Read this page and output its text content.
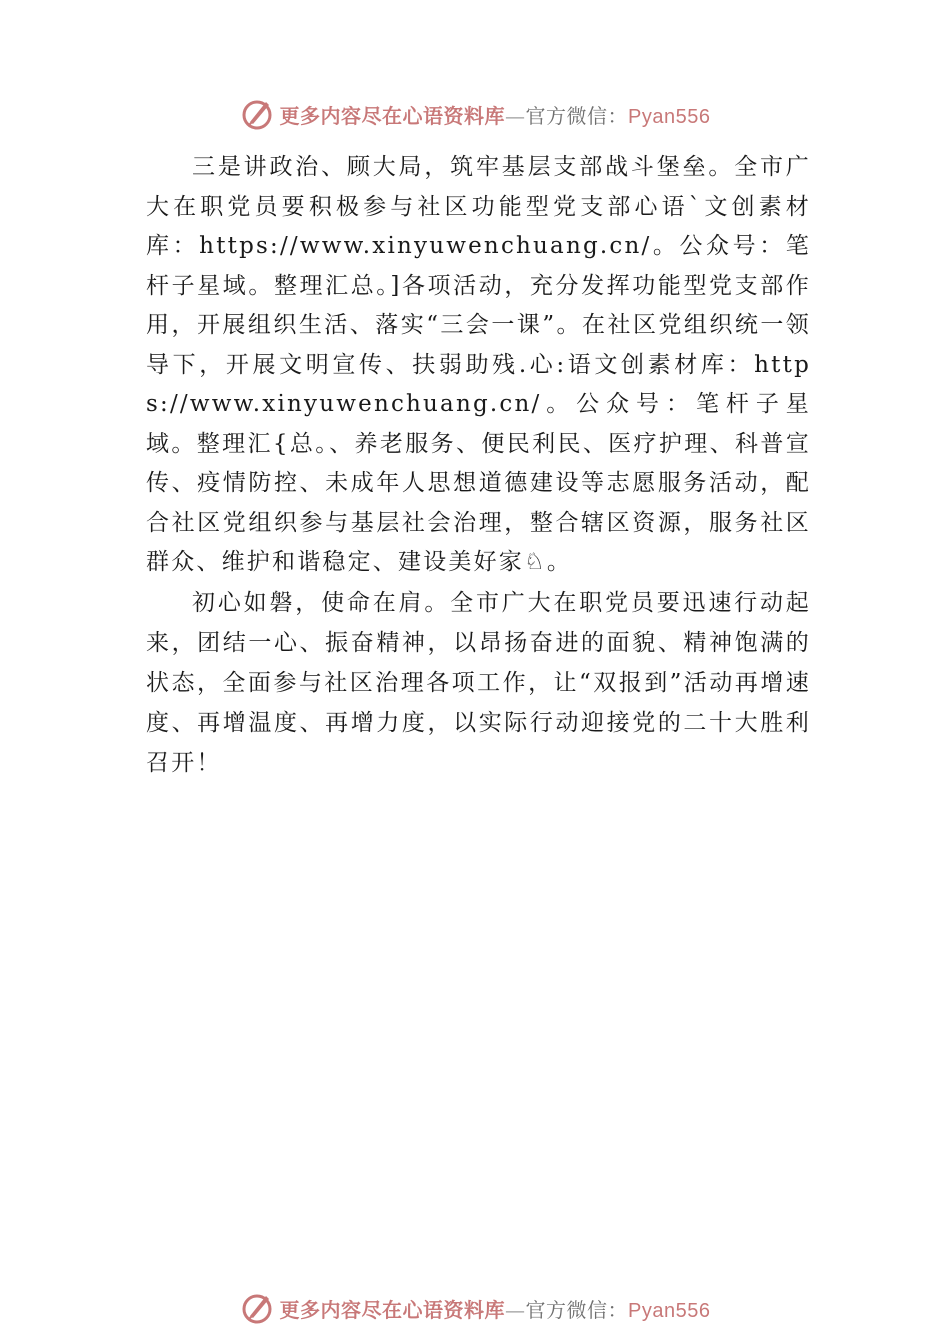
更多内容尽在心语资料库—官方微信：Pyan556

三是讲政治、顾大局，筑牢基层支部战斗堡垒。全市广大在职党员要积极参与社区功能型党支部心语`文创素材库：https://www.xinyuwenchuang.cn/。公众号：笔杆子星域。整理汇总。]各项活动，充分发挥功能型党支部作用，开展组织生活、落实“三会一课”。在社区党组织统一领导下，开展文明宣传、扶弱助残.心:语文创素材库：https://www.xinyuwenchuang.cn/。公众号：笔杆子星域。整理汇{总。、养老服务、便民利民、医疗护理、科普宣传、疫情防控、未成年人思想道德建设等志愿服务活动，配合社区党组织参与基层社会治理，整合辖区资源，服务社区群众、维护和谐稳定、建设美好家♘。

初心如磐，使命在肩。全市广大在职党员要迅速行动起来，团结一心、振奋精神，以昂扬奋进的面貌、精神饱满的状态，全面参与社区治理各项工作，让“双报到”活动再增速度、再增温度、再增力度，以实际行动迎接党的二十大胜利召开！

更多内容尽在心语资料库—官方微信：Pyan556
